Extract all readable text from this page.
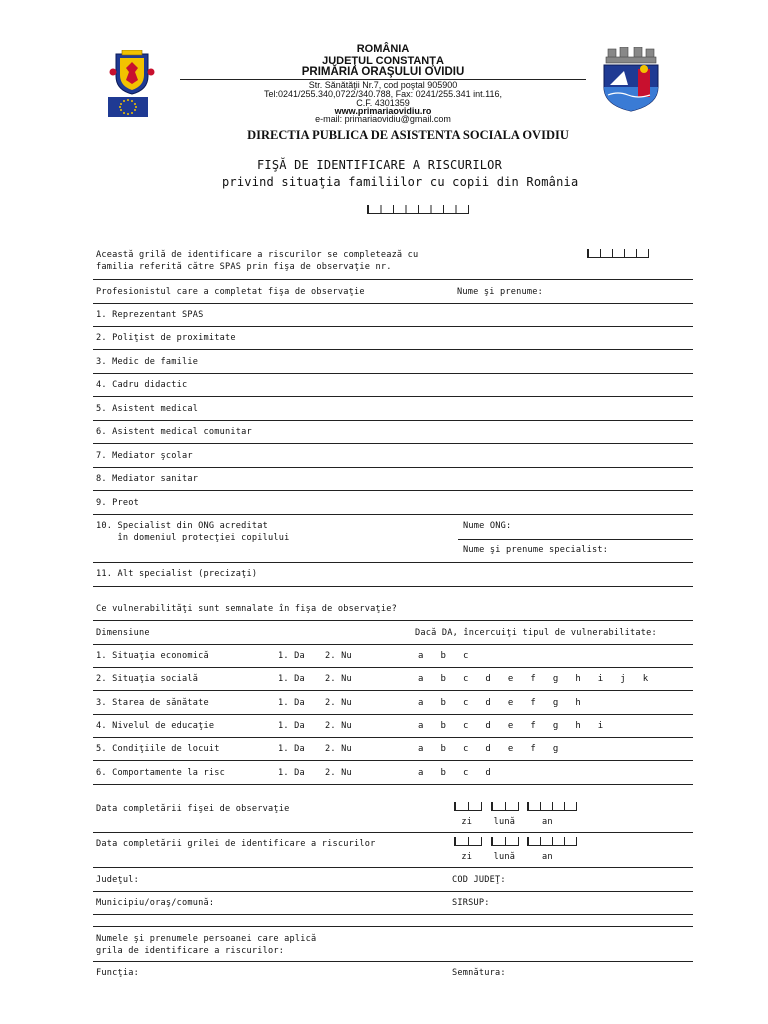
ROMÂNIA
JUDEŢUL CONSTANŢA
PRIMĂRIA ORAŞULUI OVIDIU
Str. Sănătăţii Nr.7, cod poştal 905900
Tel:0241/255.340,0722/340.788, Fax: 0241/255.341 int.116,
C.F. 4301359
www.primariaovidiu.ro
e-mail: primariaovidiu@gmail.com
DIRECTIA PUBLICA DE ASISTENTA SOCIALA OVIDIU
FIŞĂ DE IDENTIFICARE A RISCURILOR
privind situaţia familiilor cu copii din România
Această grilă de identificare a riscurilor se completează cu
familia referită către SPAS prin fişa de observaţie nr.
Profesionistul care a completat fişa de observaţie	Nume şi prenume:
1. Reprezentant SPAS
2. Poliţist de proximitate
3. Medic de familie
4. Cadru didactic
5. Asistent medical
6. Asistent medical comunitar
7. Mediator şcolar
8. Mediator sanitar
9. Preot
10. Specialist din ONG acreditat
în domeniul protecţiei copilului
Nume ONG:
Nume şi prenume specialist:
11. Alt specialist (precizaţi)
Ce vulnerabilităţi sunt semnalate în fişa de observaţie?
Dimensiune	Dacă DA, încercuiţi tipul de vulnerabilitate:
1. Situaţia economică	1. Da 2. Nu	a   b   c
2. Situaţia socială	1. Da 2. Nu	a   b   c   d   e   f   g   h   i   j   k
3. Starea de sănătate	1. Da 2. Nu	a   b   c   d   e   f   g   h
4. Nivelul de educaţie	1. Da 2. Nu	a   b   c   d   e   f   g   h   i
5. Condiţiile de locuit	1. Da 2. Nu	a   b   c   d   e   f   g
6. Comportamente la risc	1. Da 2. Nu	a   b   c   d
Data completării fişei de observaţie
zi    lună     an
Data completării grilei de identificare a riscurilor
zi    lună     an
Judeţul:	COD JUDEŢ:
Municipiu/oraş/comună:	SIRSUP:
Numele şi prenumele persoanei care aplică
grila de identificare a riscurilor:
Funcţia:	Semnătura:
